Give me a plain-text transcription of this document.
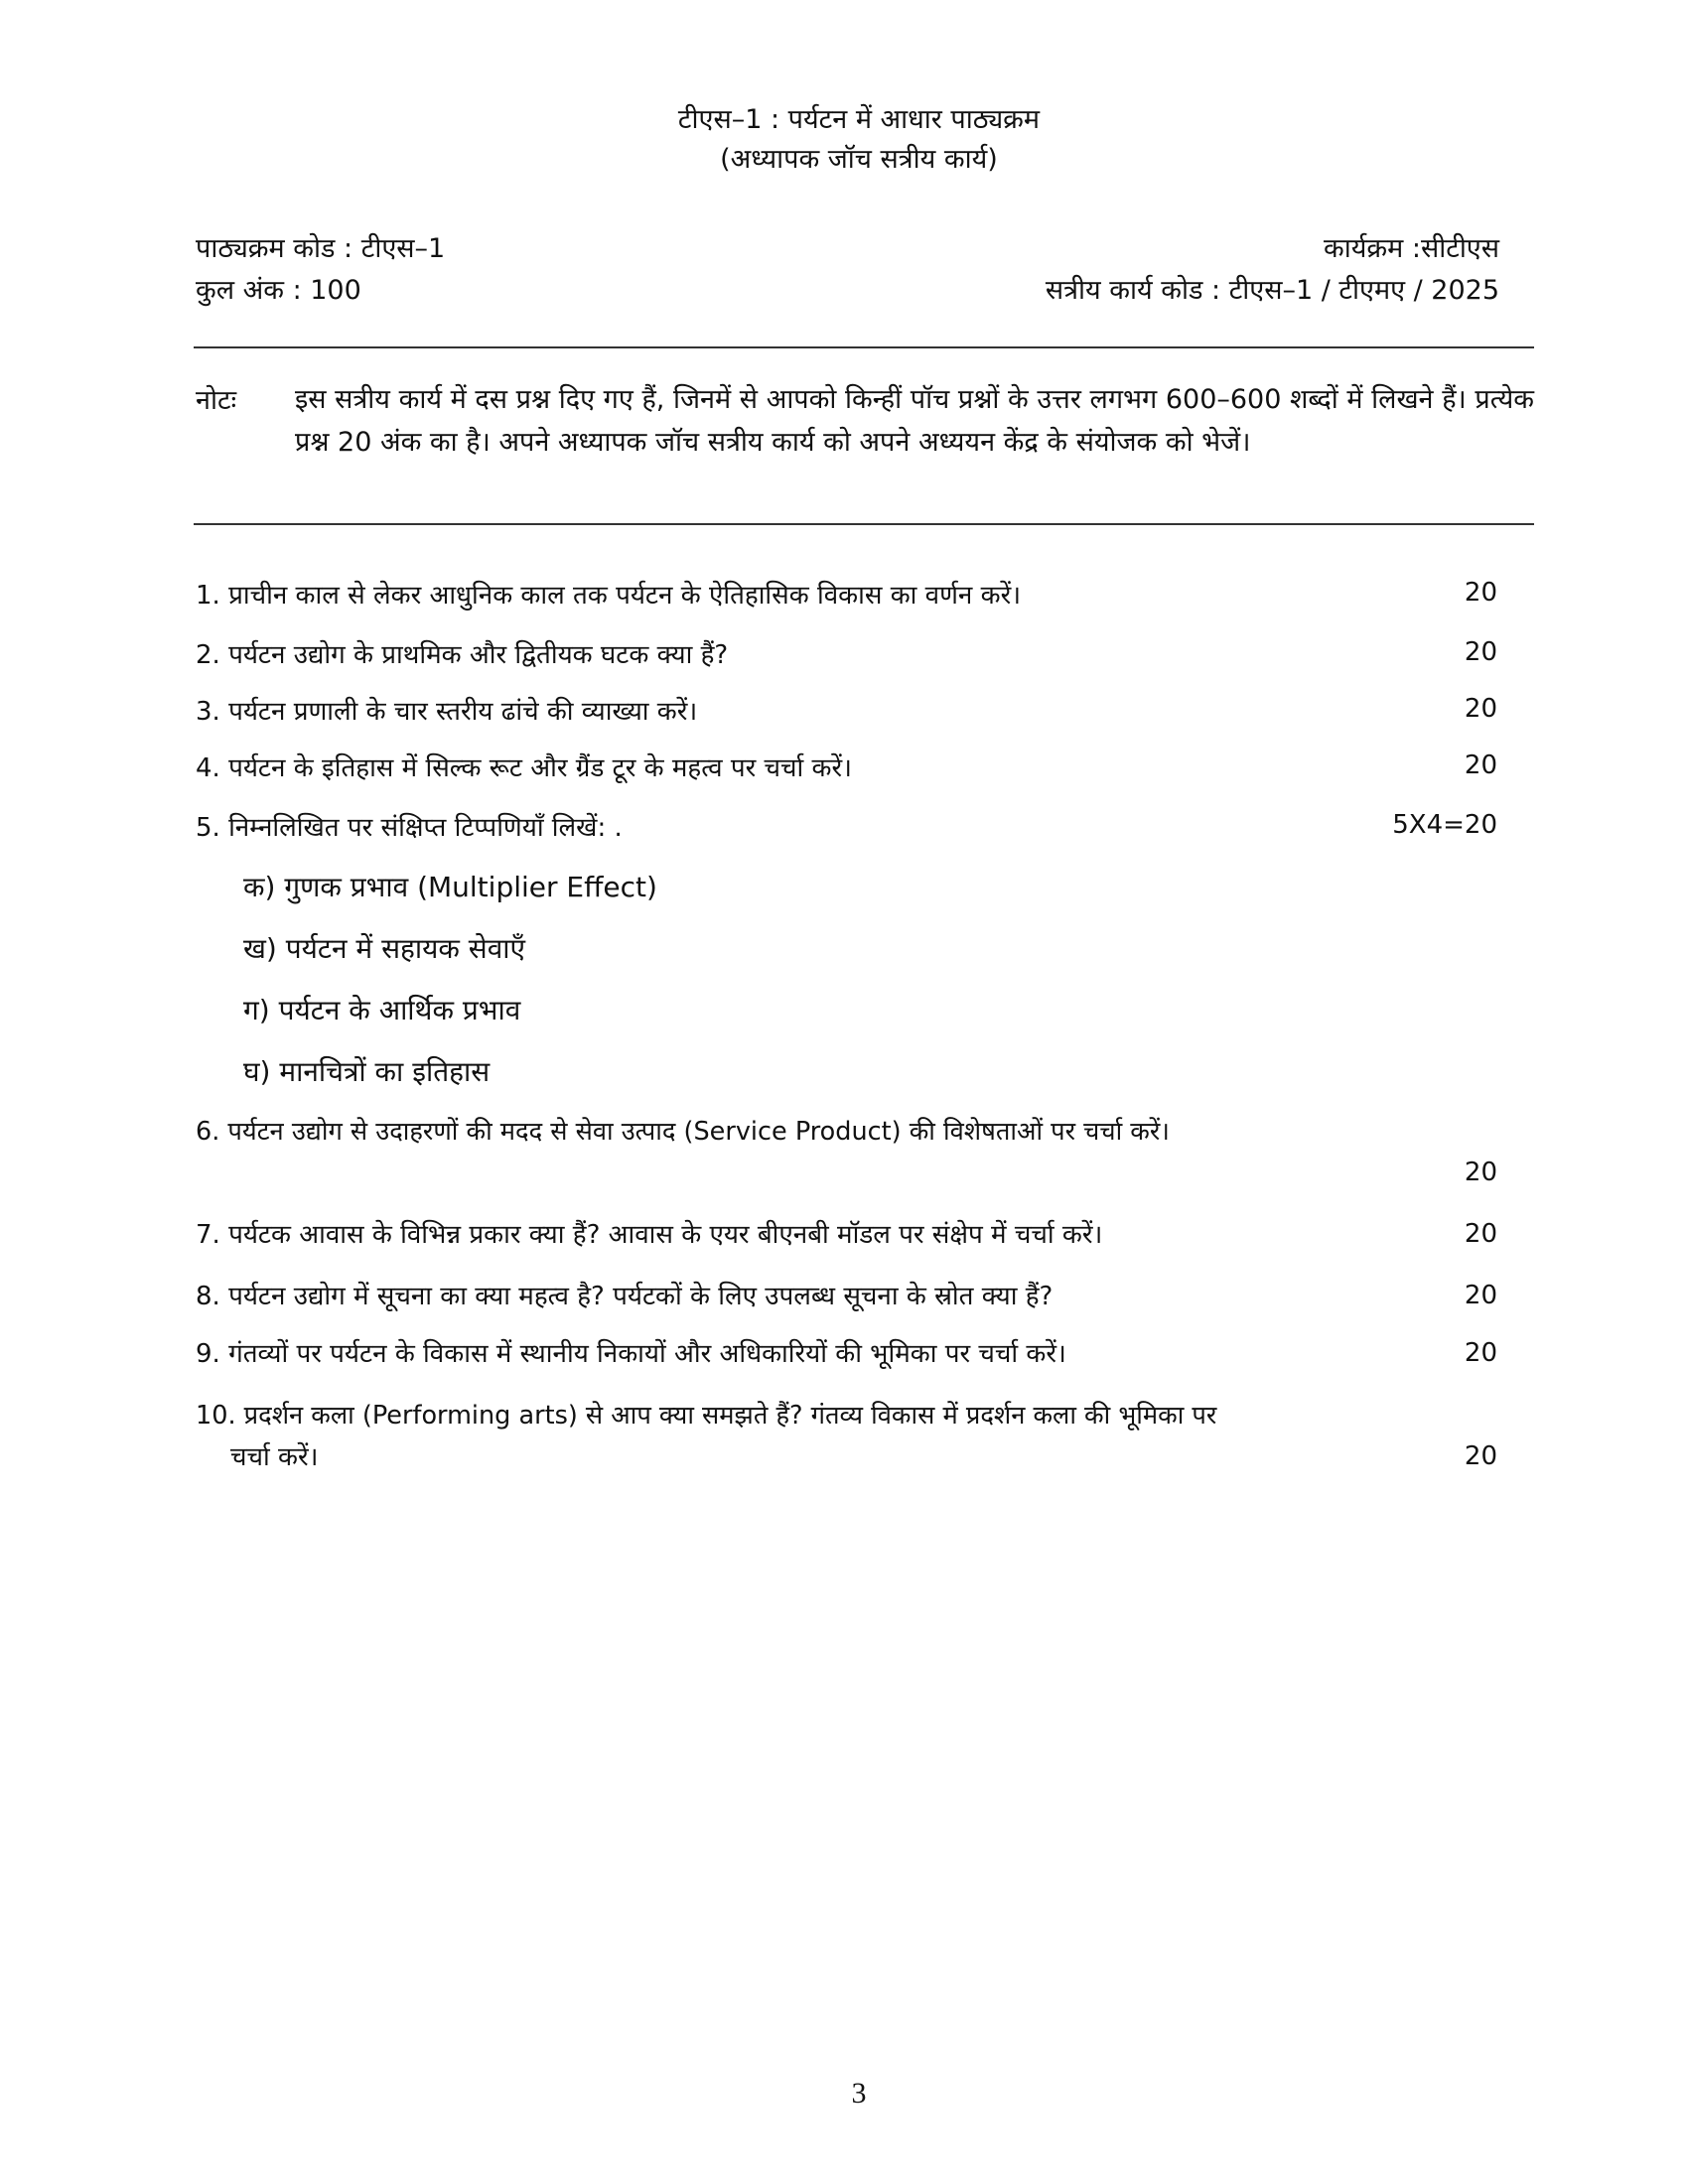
टीएस–1 : पर्यटन में आधार पाठ्यक्रम
(अध्यापक जॉच सत्रीय कार्य)
पाठ्यक्रम कोड : टीएस–1
कुल अंक : 100
कार्यक्रम :सीटीएस
सत्रीय कार्य कोड : टीएस–1 / टीएमए / 2025
नोटः इस सत्रीय कार्य में दस प्रश्न दिए गए हैं, जिनमें से आपको किन्हीं पॉच प्रश्नों के उत्तर लगभग 600–600 शब्दों में लिखने हैं। प्रत्येक प्रश्न 20 अंक का है। अपने अध्यापक जॉच सत्रीय कार्य को अपने अध्ययन केंद्र के संयोजक को भेजें।
1. प्राचीन काल से लेकर आधुनिक काल तक पर्यटन के ऐतिहासिक विकास का वर्णन करें।	20
2. पर्यटन उद्योग के प्राथमिक और द्वितीयक घटक क्या हैं?	20
3. पर्यटन प्रणाली के चार स्तरीय ढांचे की व्याख्या करें।	20
4. पर्यटन के इतिहास में सिल्क रूट और ग्रैंड टूर के महत्व पर चर्चा करें।	20
5. निम्नलिखित पर संक्षिप्त टिप्पणियाँ लिखें: .	5X4=20
क) गुणक प्रभाव (Multiplier Effect)
ख) पर्यटन में सहायक सेवाएँ
ग) पर्यटन के आर्थिक प्रभाव
घ) मानचित्रों का इतिहास
6. पर्यटन उद्योग से उदाहरणों की मदद से सेवा उत्पाद (Service Product) की विशेषताओं पर चर्चा करें।
20
7. पर्यटक आवास के विभिन्न प्रकार क्या हैं? आवास के एयर बीएनबी मॉडल पर संक्षेप में चर्चा करें।	20
8. पर्यटन उद्योग में सूचना का क्या महत्व है? पर्यटकों के लिए उपलब्ध सूचना के स्रोत क्या हैं?	20
9. गंतव्यों पर पर्यटन के विकास में स्थानीय निकायों और अधिकारियों की भूमिका पर चर्चा करें।	20
10. प्रदर्शन कला (Performing arts) से आप क्या समझते हैं? गंतव्य विकास में प्रदर्शन कला की भूमिका पर
चर्चा करें।	20
3
